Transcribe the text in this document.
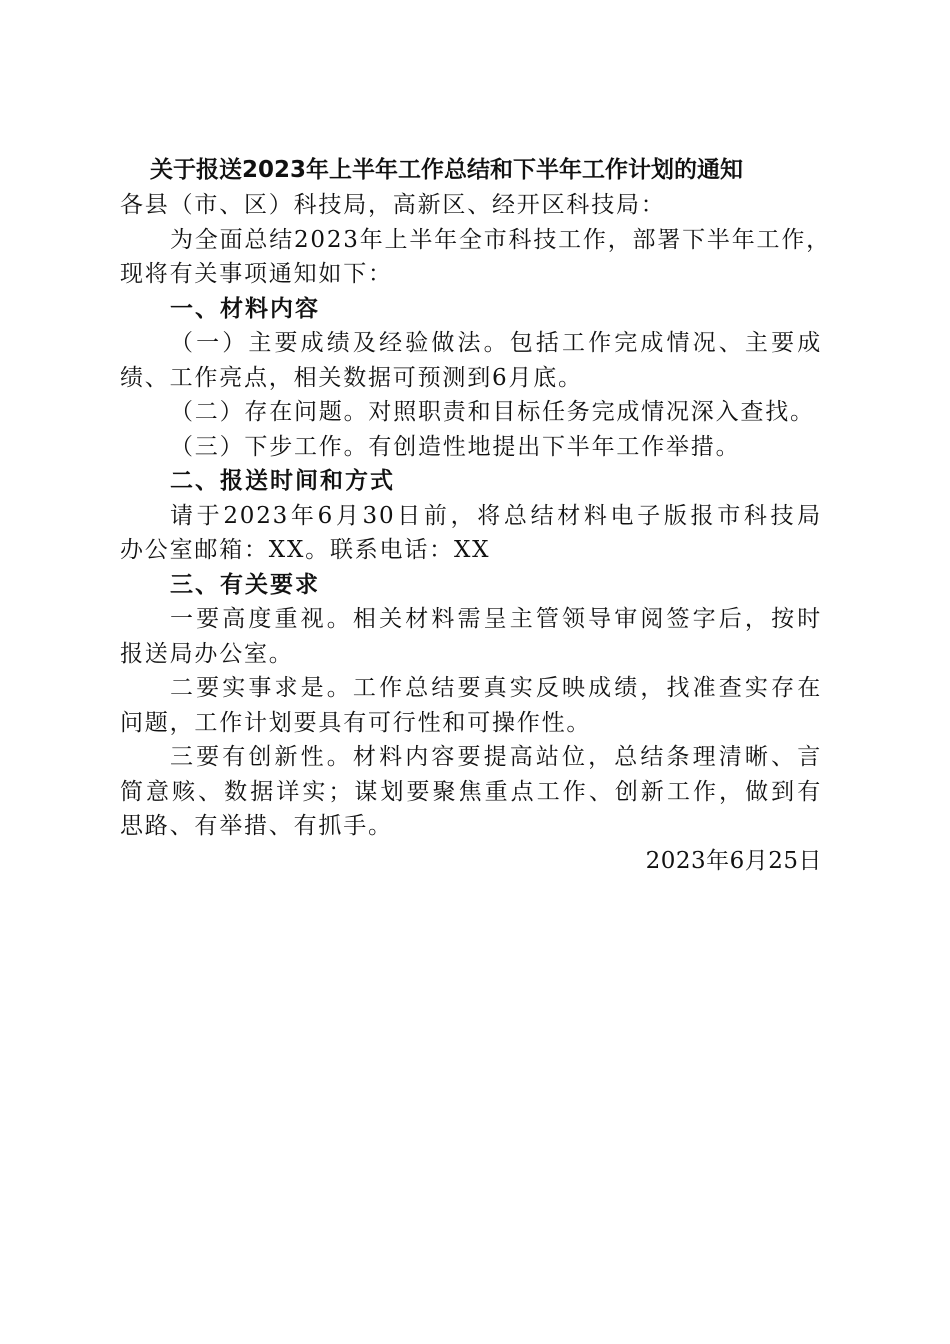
关于报送2023年上半年工作总结和下半年工作计划的通知

各县（市、区）科技局，高新区、经开区科技局：

为全面总结2023年上半年全市科技工作，部署下半年工作，

现将有关事项通知如下：

一、材料内容

（一）主要成绩及经验做法。包括工作完成情况、主要成

绩、工作亮点，相关数据可预测到6月底。

（二）存在问题。对照职责和目标任务完成情况深入查找。

（三）下步工作。有创造性地提出下半年工作举措。

二、报送时间和方式

请于2023年6月30日前，将总结材料电子版报市科技局

办公室邮箱：XX。联系电话：XX

三、有关要求

一要高度重视。相关材料需呈主管领导审阅签字后，按时

报送局办公室。

二要实事求是。工作总结要真实反映成绩，找准查实存在

问题，工作计划要具有可行性和可操作性。

三要有创新性。材料内容要提高站位，总结条理清晰、言

简意赅、数据详实；谋划要聚焦重点工作、创新工作，做到有

思路、有举措、有抓手。

2023年6月25日
